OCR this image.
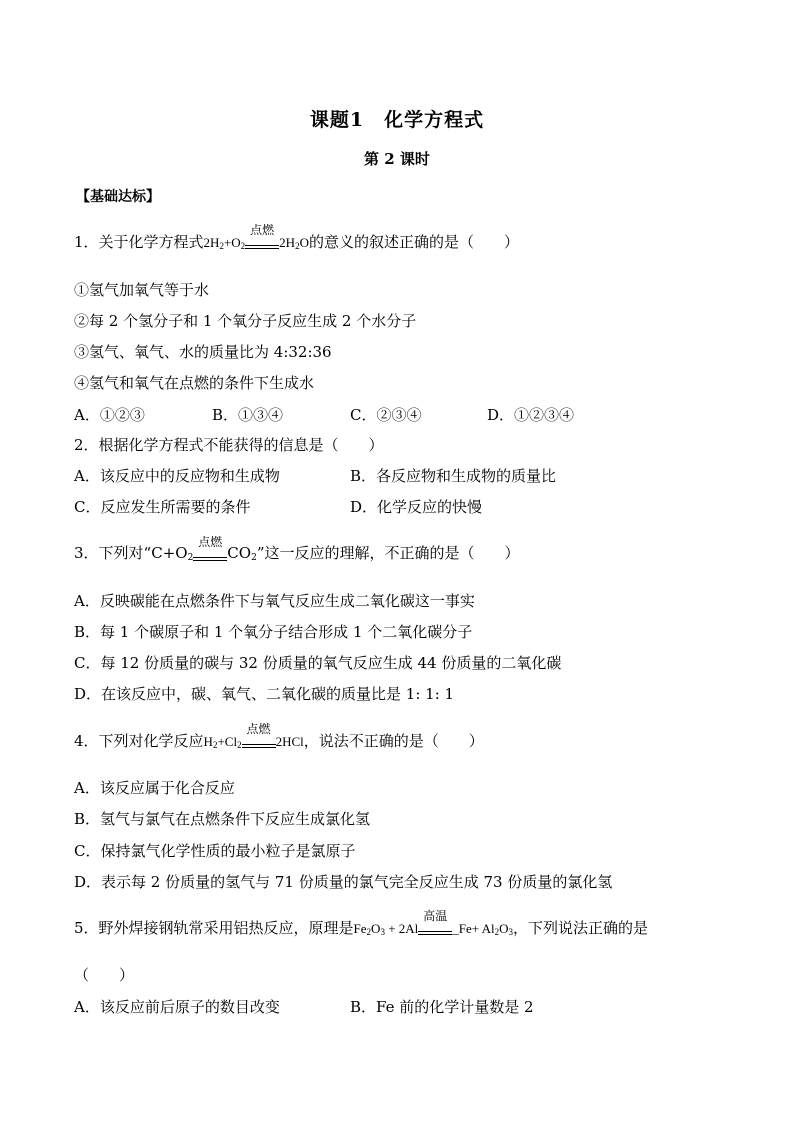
课题1　化学方程式
第 2 课时
【基础达标】
1．关于化学方程式$2H_2+O_2$
点燃
$2H_2O$的意义的叙述正确的是（　　）
①氢气加氧气等于水
②每 2 个氢分子和 1 个氧分子反应生成 2 个水分子
③氢气、氧气、水的质量比为 4:32:36
④氢气和氧气在点燃的条件下生成水
A．①②③	B．①③④	C．②③④	D．①②③④
2．根据化学方程式不能获得的信息是（　　）
A．该反应中的反应物和生成物	B．各反应物和生成物的质量比
C．反应发生所需要的条件	D．化学反应的快慢
3．下列对“$C+O_2$
点燃
$CO_2$”这一反应的理解，不正确的是（　　）
A．反映碳能在点燃条件下与氧气反应生成二氧化碳这一事实
B．每 1 个碳原子和 1 个氧分子结合形成 1 个二氧化碳分子
C．每 12 份质量的碳与 32 份质量的氧气反应生成 44 份质量的二氧化碳
D．在该反应中，碳、氧气、二氧化碳的质量比是 1: 1: 1
4．下列对化学反应$H_2+Cl_2$
点燃
2HCl，说法不正确的是（　　）
A．该反应属于化合反应
B．氢气与氯气在点燃条件下反应生成氯化氢
C．保持氯气化学性质的最小粒子是氯原子
D．表示每 2 份质量的氢气与 71 份质量的氯气完全反应生成 73 份质量的氯化氢
5．野外焊接钢轨常采用铝热反应，原理是$Fe_2O_3 + 2Al$
高温
_Fe+ $Al_2O_3$，下列说法正确的是
（　　）
A．该反应前后原子的数目改变	B．Fe 前的化学计量数是 2
